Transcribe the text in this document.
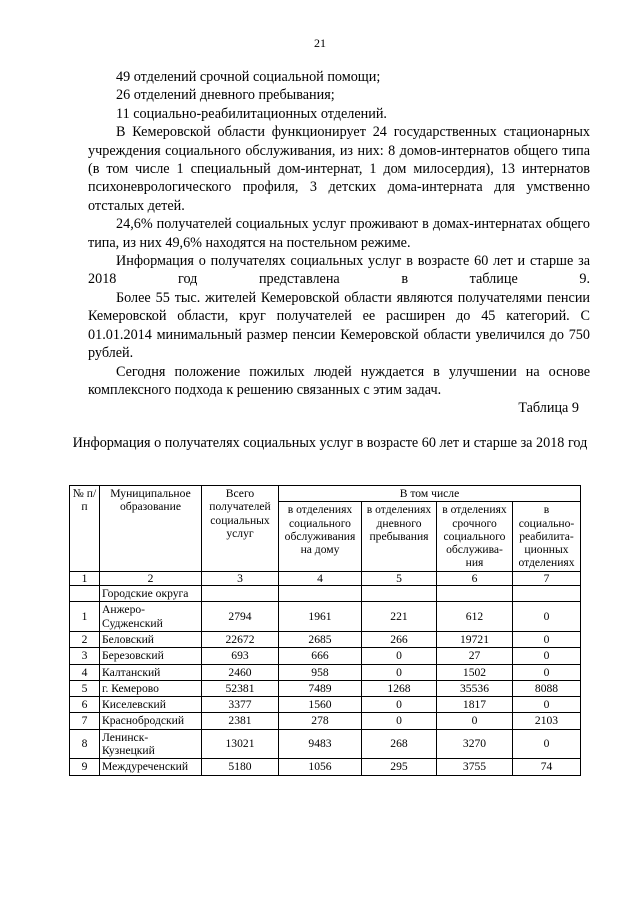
21

49 отделений срочной социальной помощи;

26 отделений дневного пребывания;

11 социально-реабилитационных отделений.

В Кемеровской области функционирует 24 государственных стационарных учреждения социального обслуживания, из них: 8 домов-интернатов общего типа (в том числе 1 специальный дом-интернат, 1 дом милосердия), 13 интернатов психоневрологического профиля, 3 детских дома-интерната для умственно отсталых детей.

24,6% получателей социальных услуг проживают в домах-интернатах общего типа, из них 49,6% находятся на постельном режиме.

Информация о получателях социальных услуг в возрасте 60 лет и старше за 2018 год представлена в таблице 9.

Более 55 тыс. жителей Кемеровской области являются получателями пенсии Кемеровской области, круг получателей ее расширен до 45 категорий. С 01.01.2014 минимальный размер пенсии Кемеровской области увеличился до 750 рублей.

Сегодня положение пожилых людей нуждается в улучшении на основе комплексного подхода к решению связанных с этим задач.

Таблица 9
Информация о получателях социальных услуг в возрасте 60 лет и старше за 2018 год
№ п/п	Муниципальное образование	Всего получателей социальных услуг	В том числе			
			в отделениях социального обслуживания на дому	в отделениях дневного пребывания	в отделениях срочного социального обслужива-ния	в социально-реабилита-ционных отделениях
1	2	3	4	5	6	7
	Городские округа					
1	Анжеро-Судженский	2794	1961	221	612	0
2	Беловский	22672	2685	266	19721	0
3	Березовский	693	666	0	27	0
4	Калтанский	2460	958	0	1502	0
5	г. Кемерово	52381	7489	1268	35536	8088
6	Киселевский	3377	1560	0	1817	0
7	Краснобродский	2381	278	0	0	2103
8	Ленинск-Кузнецкий	13021	9483	268	3270	0
9	Междуреченский	5180	1056	295	3755	74
